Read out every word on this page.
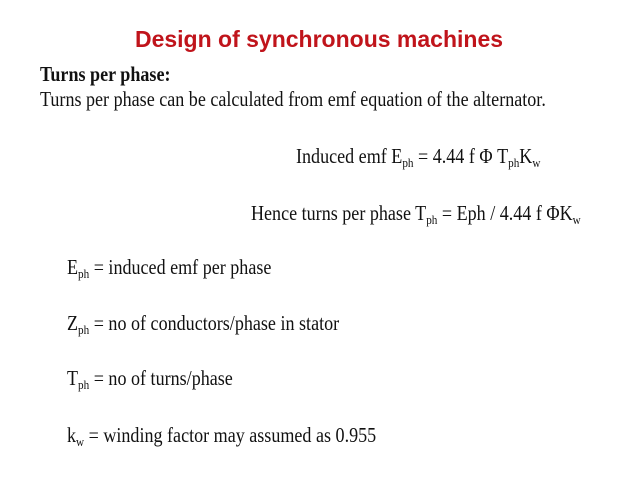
Design of synchronous machines
Turns per phase:
Turns per phase can be calculated from emf equation of the alternator.
Induced emf $E_{ph} = 4.44$ f Φ $T_{ph}K_w$
Hence turns per phase $T_{ph}$ = Eph / 4.44 f $\Phi K_w$
$E_{ph}$ = induced emf per phase
$Z_{ph}$ = no of conductors/phase in stator
$T_{ph}$ = no of turns/phase
$k_w$ = winding factor may assumed as 0.955
